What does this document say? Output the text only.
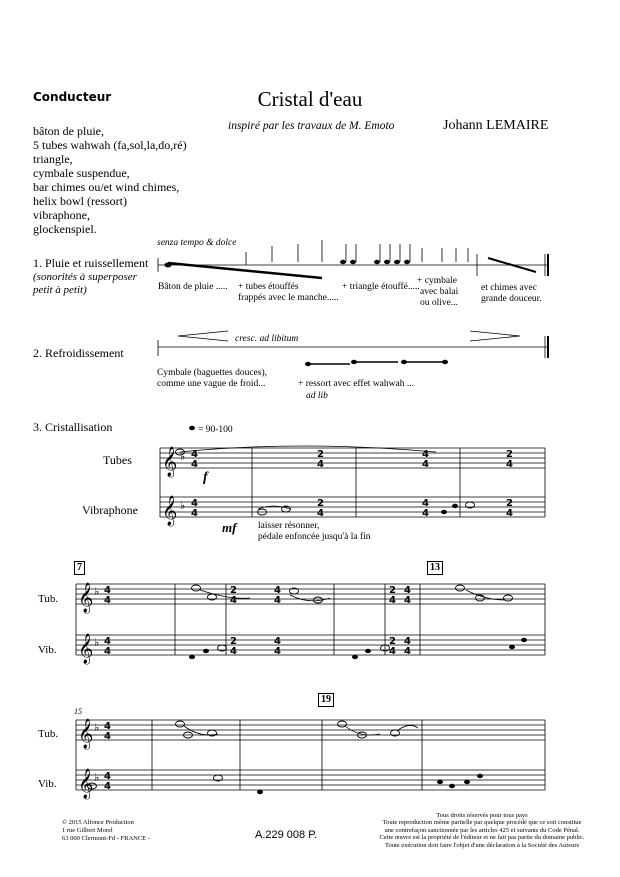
Conducteur	Cristal d'eau
inspiré par les travaux de M. Emoto	Johann LEMAIRE
bâton de pluie,
5 tubes wahwah (fa,sol,la,do,ré)
triangle,
cymbale suspendue,
bar chimes ou/et wind chimes,
helix bowl (ressort)
vibraphone,
glockenspiel.
senza tempo & dolce
1. Pluie et ruissellement
(sonorités à superposer
petit à petit)	Bâton de pluie ..... + tubes étouffés
frappés avec le manche.....
+ triangle étouffé.....
+ cymbale
avec balai
ou olive...
et chimes avec
grande douceur.
2. Refroidissement
cresc. ad libitum
Cymbale (baguettes douces),
comme une vague de froid...	+ ressort avec effet wahwah ...
ad lib
3. Cristallisation	= 90-100
Tubes
Vibraphone
f
mf laisser résonner,
pédale enfoncée jusqu'à la fin
7	13
Tub.
Vib.
15
19
Tub.
Vib.
© 2015 Alfonce Production
1 rue Gilbert Morel
63 000 Clermont-Fd - FRANCE -	A.229 008 P.
Tous droits réservés pour tous pays
Toute reproduction même partielle par quelque procédé que ce soit constitue
une contrefaçon sanctionnée par les articles 425 et suivants du Code Pénal.
Cette œuvre est la propriété de l'éditeur et ne fait pas partie du domaine public.
Toute exécution doit faire l'objet d'une déclaration à la Société des Auteurs
𝄞
𝄞
𝄞
𝄞
𝄞
𝄞
♭
♭
♭
♭
♭
♭
4
4
4
4
2
4
2
4
4
4
4
4
2
4
2
4
4
4
4
4
2
4
2
4
4
4
4
4
2
4
2
4
4
4
4
4
4
4
4
4
